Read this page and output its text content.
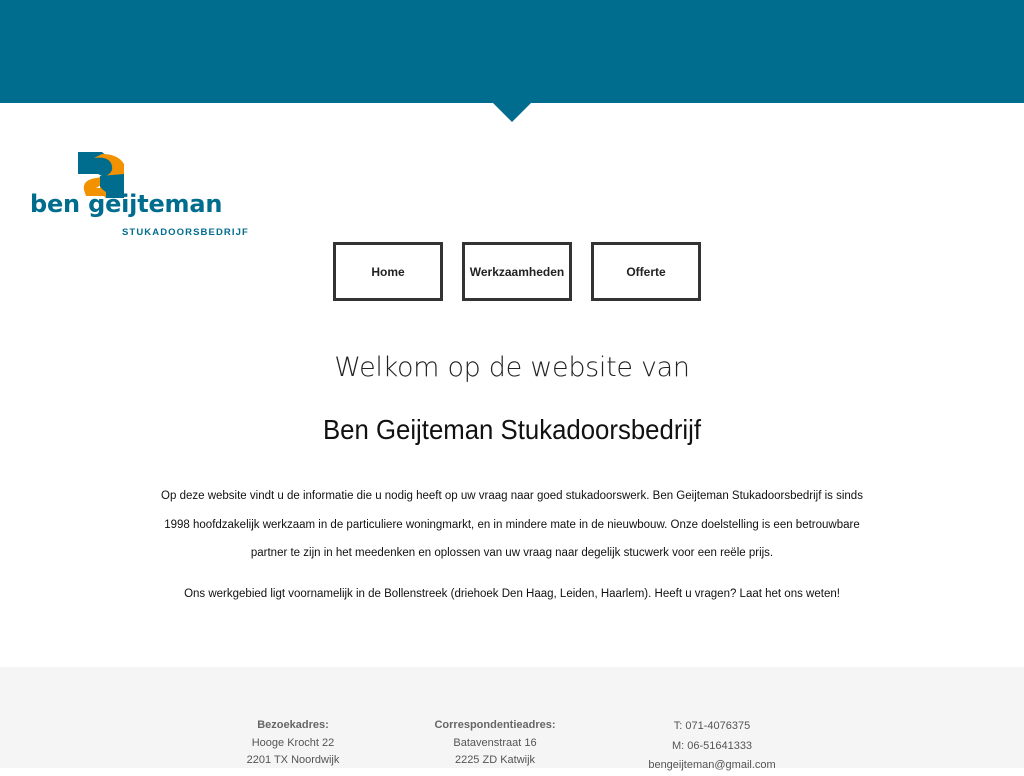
ben geijteman
STUKADOORSBEDRIJF
Home	Werkzaamheden	Offerte
Welkom op de website van
Ben Geijteman Stukadoorsbedrijf

Op deze website vindt u de informatie die u nodig heeft op uw vraag naar goed stukadoorswerk. Ben Geijteman Stukadoorsbedrijf is sinds 1998 hoofdzakelijk werkzaam in de particuliere woningmarkt, en in mindere mate in de nieuwbouw. Onze doelstelling is een betrouwbare partner te zijn in het meedenken en oplossen van uw vraag naar degelijk stucwerk voor een reële prijs.

Ons werkgebied ligt voornamelijk in de Bollenstreek (driehoek Den Haag, Leiden, Haarlem). Heeft u vragen? Laat het ons weten!

Bezoekadres:
Hooge Krocht 22
2201 TX Noordwijk
Correspondentieadres:
Batavenstraat 16
2225 ZD Katwijk
T: 071-4076375
M: 06-51641333
bengeijteman@gmail.com
